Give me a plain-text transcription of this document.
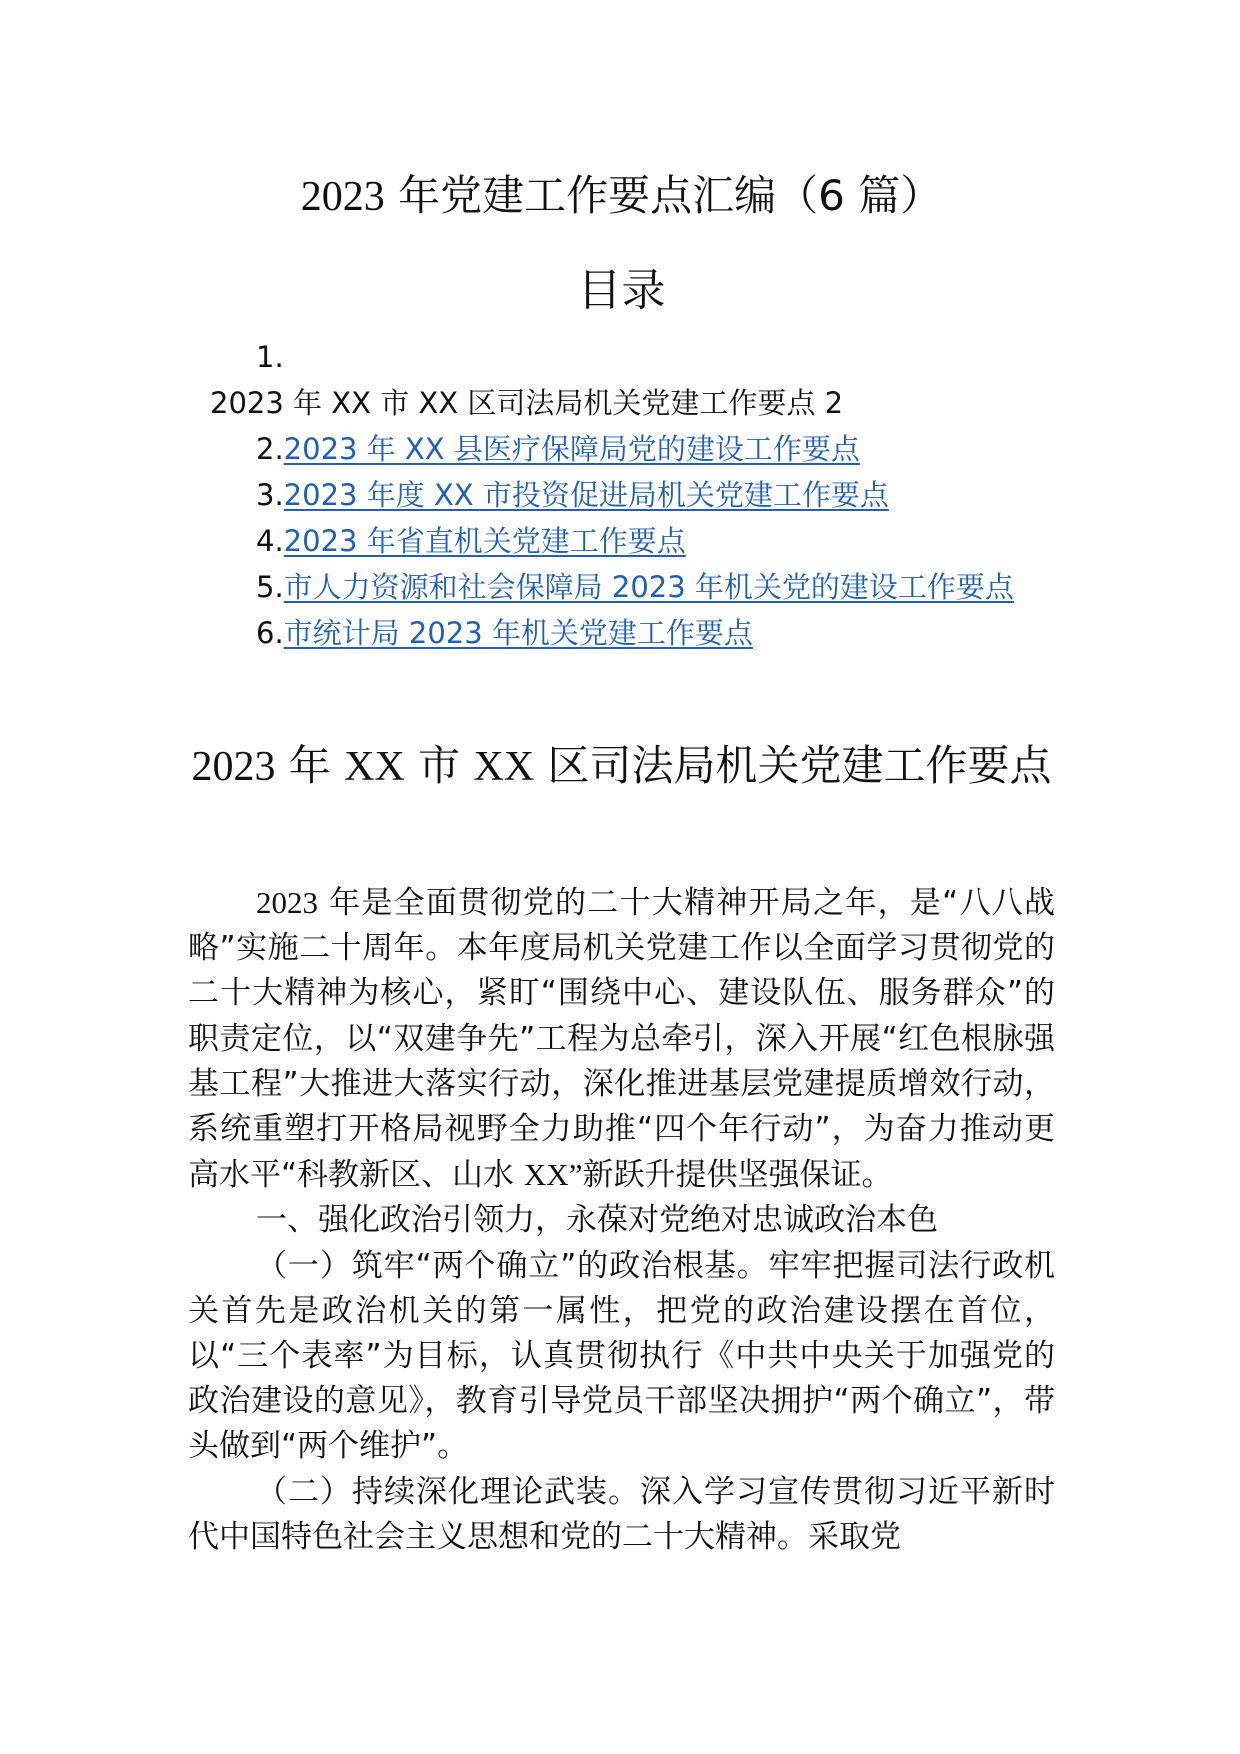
2023 年党建工作要点汇编（6 篇）
目录
1.
2023 年 XX 市 XX 区司法局机关党建工作要点 2
2.2023 年 XX 县医疗保障局党的建设工作要点
3.2023 年度 XX 市投资促进局机关党建工作要点
4.2023 年省直机关党建工作要点
5.市人力资源和社会保障局 2023 年机关党的建设工作要点
6.市统计局 2023 年机关党建工作要点
2023 年 XX 市 XX 区司法局机关党建工作要点

2023 年是全面贯彻党的二十大精神开局之年，是“八八战略”实施二十周年。本年度局机关党建工作以全面学习贯彻党的二十大精神为核心，紧盯“围绕中心、建设队伍、服务群众”的职责定位，以“双建争先”工程为总牵引，深入开展“红色根脉强基工程”大推进大落实行动，深化推进基层党建提质增效行动，系统重塑打开格局视野全力助推“四个年行动”，为奋力推动更高水平“科教新区、山水 XX”新跃升提供坚强保证。

一、强化政治引领力，永葆对党绝对忠诚政治本色

（一）筑牢“两个确立”的政治根基。牢牢把握司法行政机关首先是政治机关的第一属性，把党的政治建设摆在首位，以“三个表率”为目标，认真贯彻执行《中共中央关于加强党的政治建设的意见》，教育引导党员干部坚决拥护“两个确立”，带头做到“两个维护”。

（二）持续深化理论武装。深入学习宣传贯彻习近平新时代中国特色社会主义思想和党的二十大精神。采取党
